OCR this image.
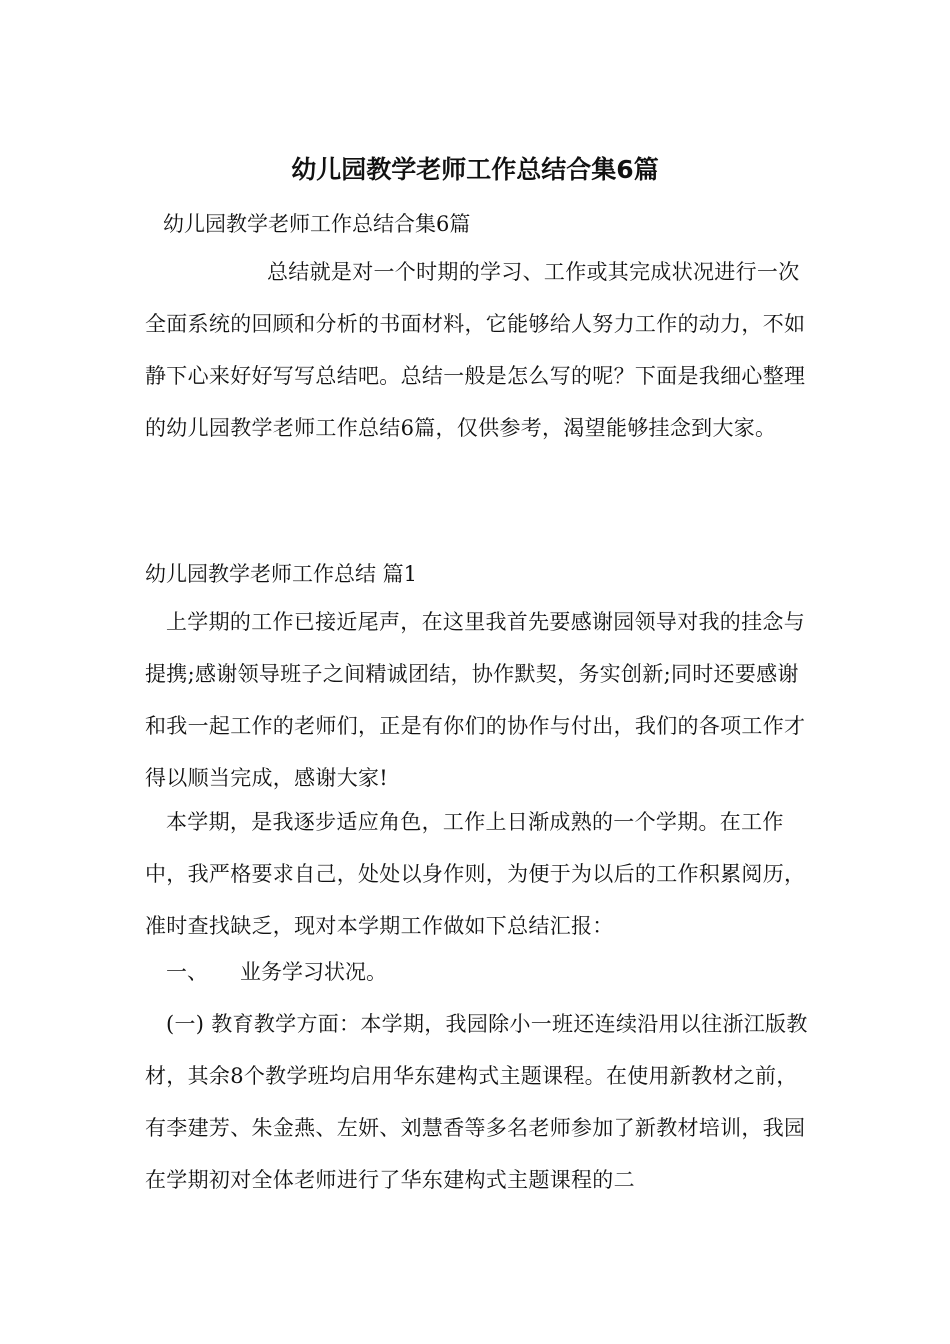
幼儿园教学老师工作总结合集6篇
幼儿园教学老师工作总结合集6篇
总结就是对一个时期的学习、工作或其完成状况进行一次全面系统的回顾和分析的书面材料，它能够给人努力工作的动力，不如静下心来好好写写总结吧。总结一般是怎么写的呢？下面是我细心整理的幼儿园教学老师工作总结6篇，仅供参考，渴望能够挂念到大家。
幼儿园教学老师工作总结 篇1
上学期的工作已接近尾声，在这里我首先要感谢园领导对我的挂念与提携;感谢领导班子之间精诚团结，协作默契，务实创新;同时还要感谢和我一起工作的老师们，正是有你们的协作与付出，我们的各项工作才得以顺当完成，感谢大家!
本学期，是我逐步适应角色，工作上日渐成熟的一个学期。在工作中，我严格要求自己，处处以身作则，为便于为以后的工作积累阅历，准时查找缺乏，现对本学期工作做如下总结汇报：
一、 业务学习状况。
(一) 教育教学方面：本学期，我园除小一班还连续沿用以往浙江版教材，其余8个教学班均启用华东建构式主题课程。在使用新教材之前，有李建芳、朱金燕、左妍、刘慧香等多名老师参加了新教材培训，我园在学期初对全体老师进行了华东建构式主题课程的二
